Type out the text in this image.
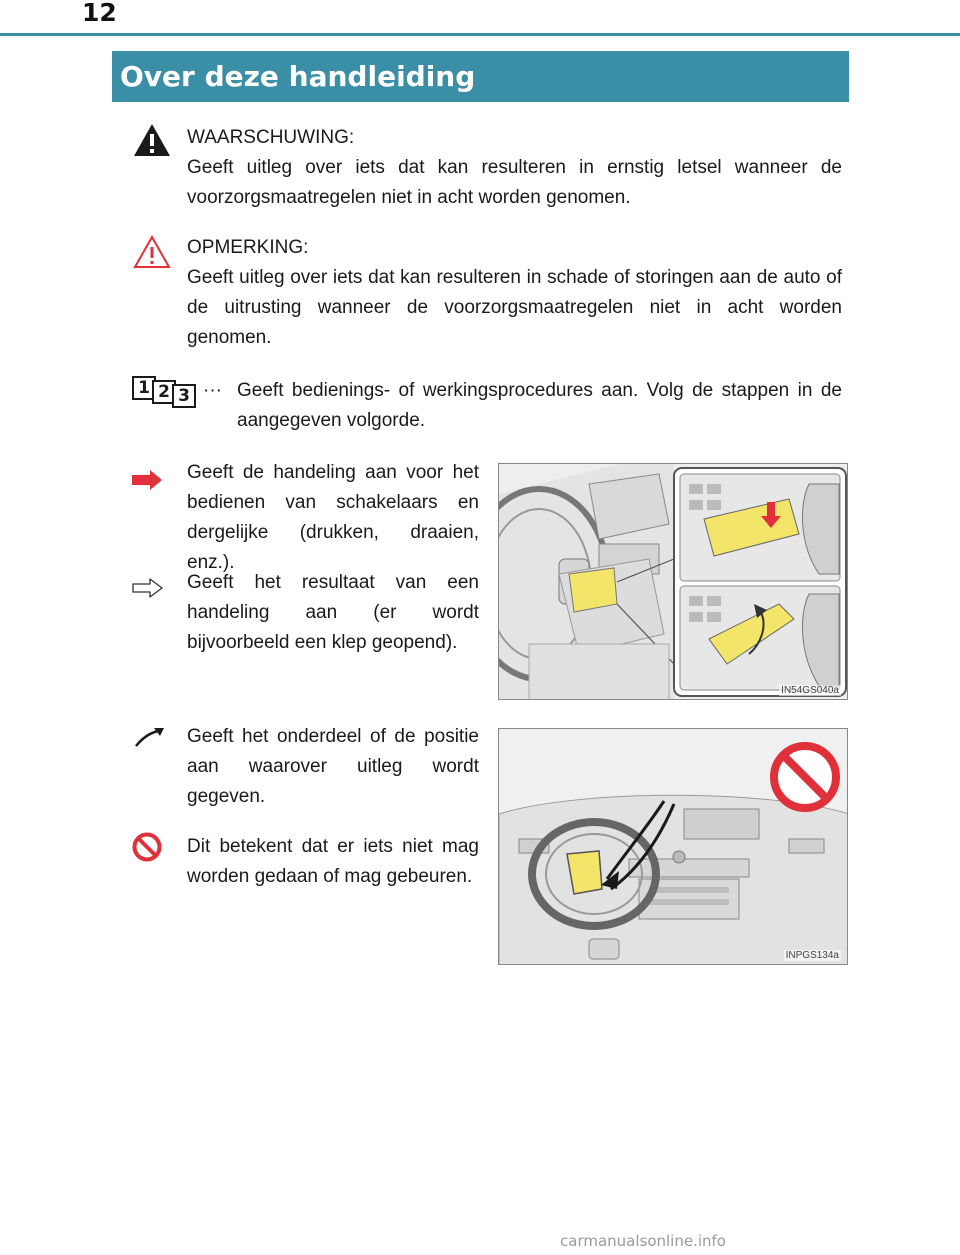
12
Over deze handleiding

WAARSCHUWING:

Geeft uitleg over iets dat kan resulteren in ernstig letsel wanneer de voorzorgsmaatregelen niet in acht worden genomen.

OPMERKING:

Geeft uitleg over iets dat kan resulteren in schade of storingen aan de auto of de uitrusting wanneer de voorzorgsmaatregelen niet in acht worden genomen.

1 2 3 ··· Geeft bedienings- of werkingsprocedures aan. Volg de stappen in de aangegeven volgorde.
Geeft de handeling aan voor het bedienen van schakelaars en dergelijke (drukken, draaien, enz.).
Geeft het resultaat van een handeling aan (er wordt bijvoorbeeld een klep geopend).
IN54GS040a
Geeft het onderdeel of de positie aan waarover uitleg wordt gegeven.
Dit betekent dat er iets niet mag worden gedaan of mag gebeuren.
INPGS134a
carmanualsonline.info
